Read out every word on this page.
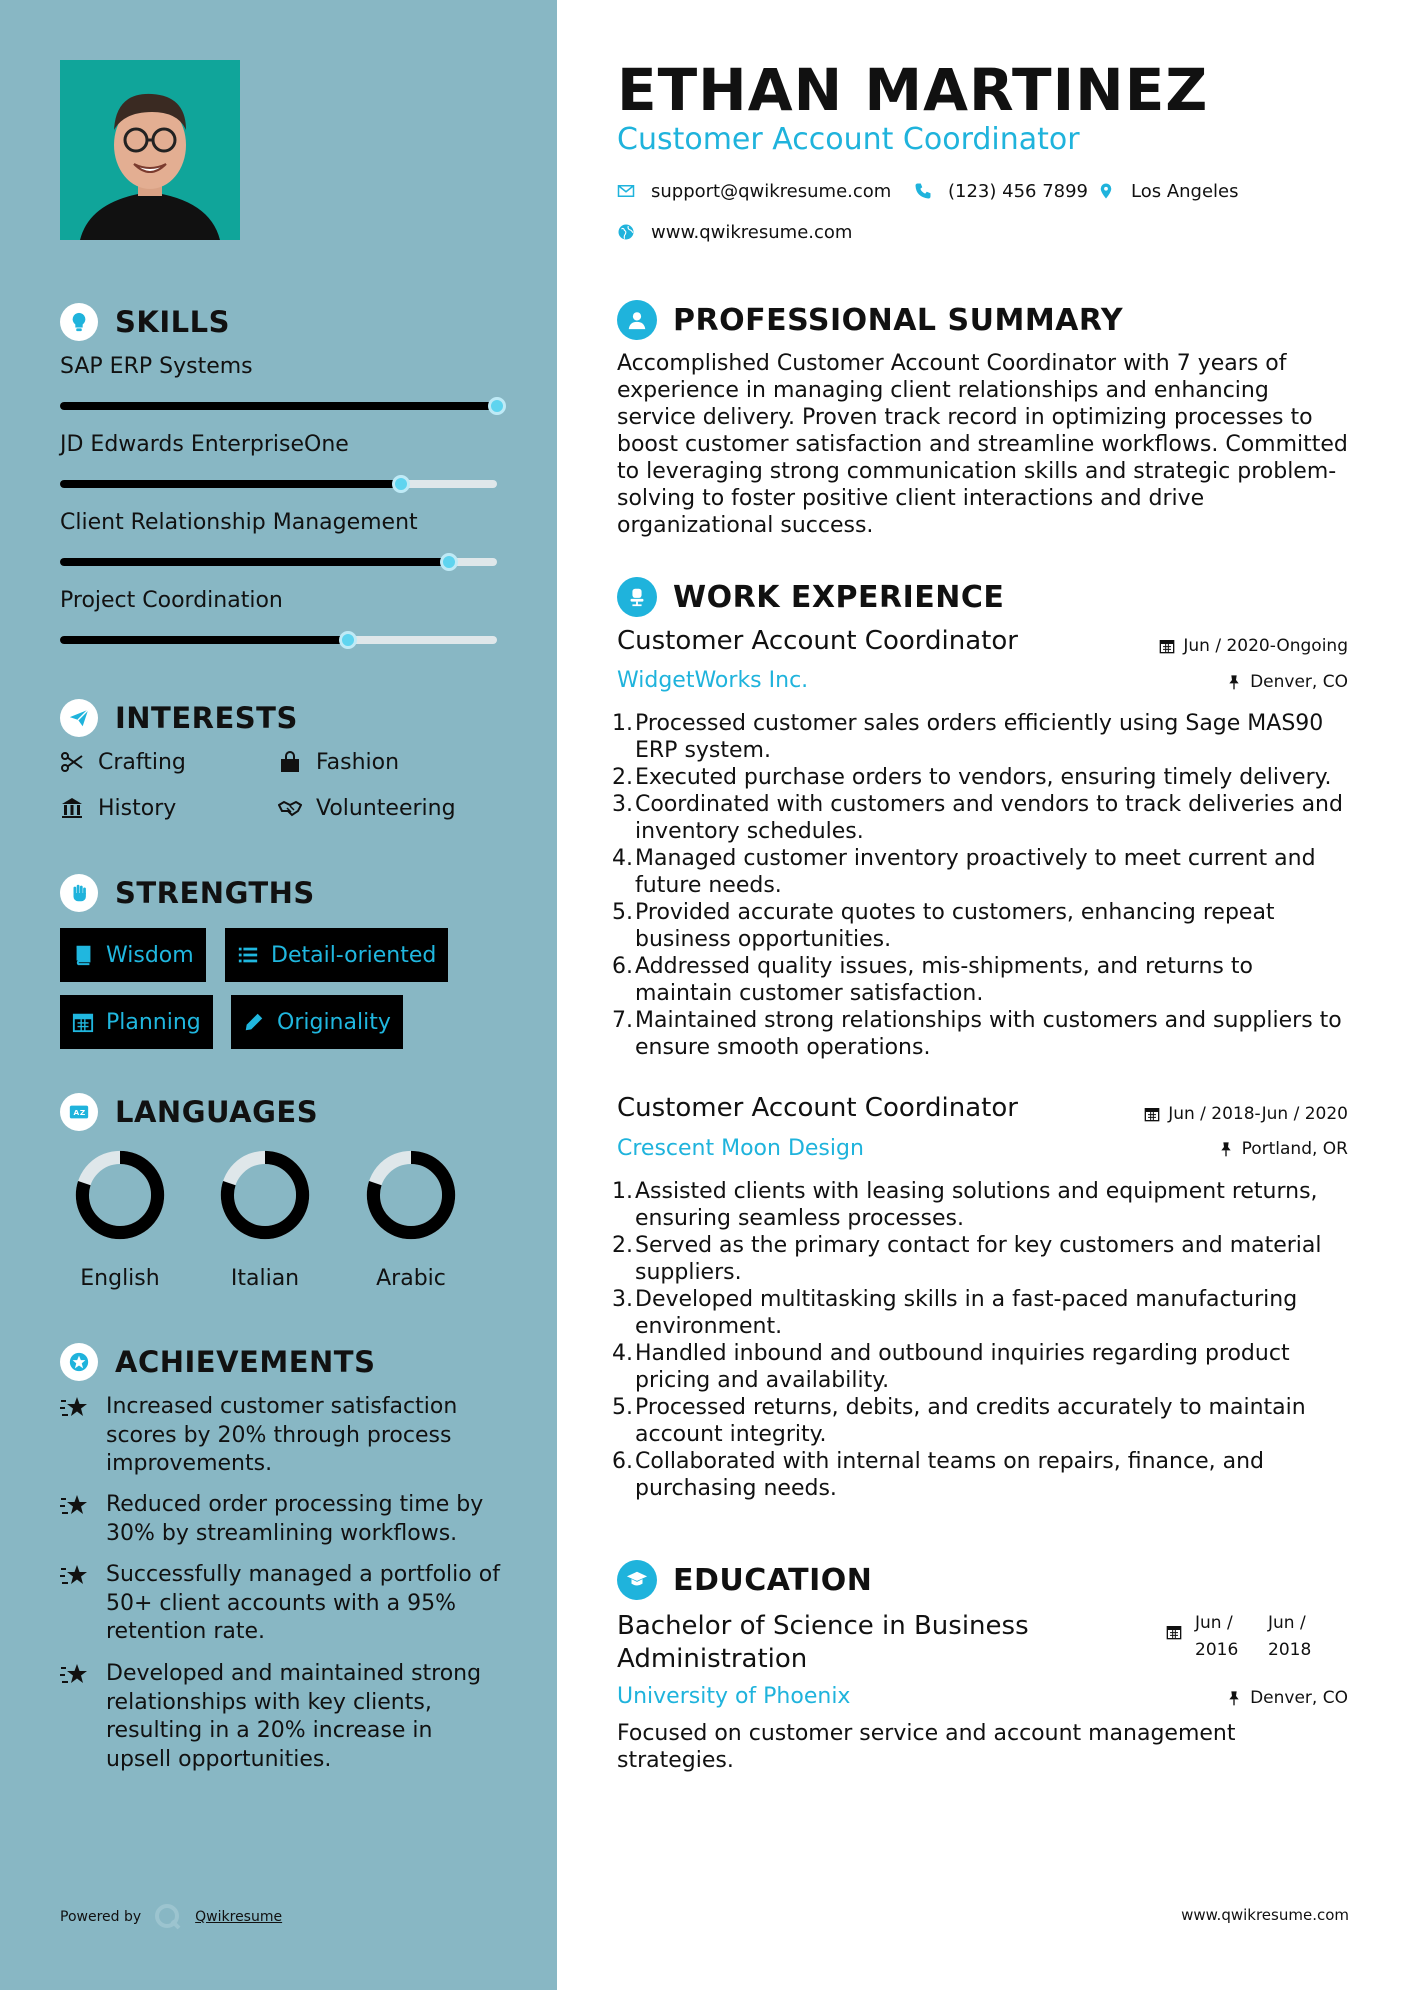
SKILLS
SAP ERP Systems
JD Edwards EnterpriseOne
Client Relationship Management
Project Coordination
INTERESTS
Crafting	Fashion
History	Volunteering
STRENGTHS
Wisdom	Detail-oriented
Planning	Originality
A Z LANGUAGES
English	Italian	Arabic
ACHIEVEMENTS
Increased customer satisfaction scores by 20% through process improvements.
Reduced order processing time by 30% by streamlining workflows.
Successfully managed a portfolio of 50+ client accounts with a 95% retention rate.
Developed and maintained strong relationships with key clients, resulting in a 20% increase in upsell opportunities.
Powered by	Qwikresume
ETHAN MARTINEZ
Customer Account Coordinator
support@qwikresume.com	(123) 456 7899 Los Angeles
www.qwikresume.com
PROFESSIONAL SUMMARY
Accomplished Customer Account Coordinator with 7 years of experience in managing client relationships and enhancing service delivery. Proven track record in optimizing processes to boost customer satisfaction and streamline workflows. Committed to leveraging strong communication skills and strategic problem-solving to foster positive client interactions and drive organizational success.
WORK EXPERIENCE
Customer Account Coordinator	Jun / 2020-Ongoing
WidgetWorks Inc.	Denver, CO
1. Processed customer sales orders efficiently using Sage MAS90 ERP system.
2. Executed purchase orders to vendors, ensuring timely delivery.
3. Coordinated with customers and vendors to track deliveries and inventory schedules.
4. Managed customer inventory proactively to meet current and future needs.
5. Provided accurate quotes to customers, enhancing repeat business opportunities.
6. Addressed quality issues, mis-shipments, and returns to maintain customer satisfaction.
7. Maintained strong relationships with customers and suppliers to ensure smooth operations.
Customer Account Coordinator	Jun / 2018-Jun / 2020
Crescent Moon Design	Portland, OR
1. Assisted clients with leasing solutions and equipment returns, ensuring seamless processes.
2. Served as the primary contact for key customers and material suppliers.
3. Developed multitasking skills in a fast-paced manufacturing environment.
4. Handled inbound and outbound inquiries regarding product pricing and availability.
5. Processed returns, debits, and credits accurately to maintain account integrity.
6. Collaborated with internal teams on repairs, finance, and purchasing needs.
EDUCATION
Bachelor of Science in Business Administration
Jun /
2016
Jun /
2018
University of Phoenix	Denver, CO
Focused on customer service and account management strategies.
www.qwikresume.com
